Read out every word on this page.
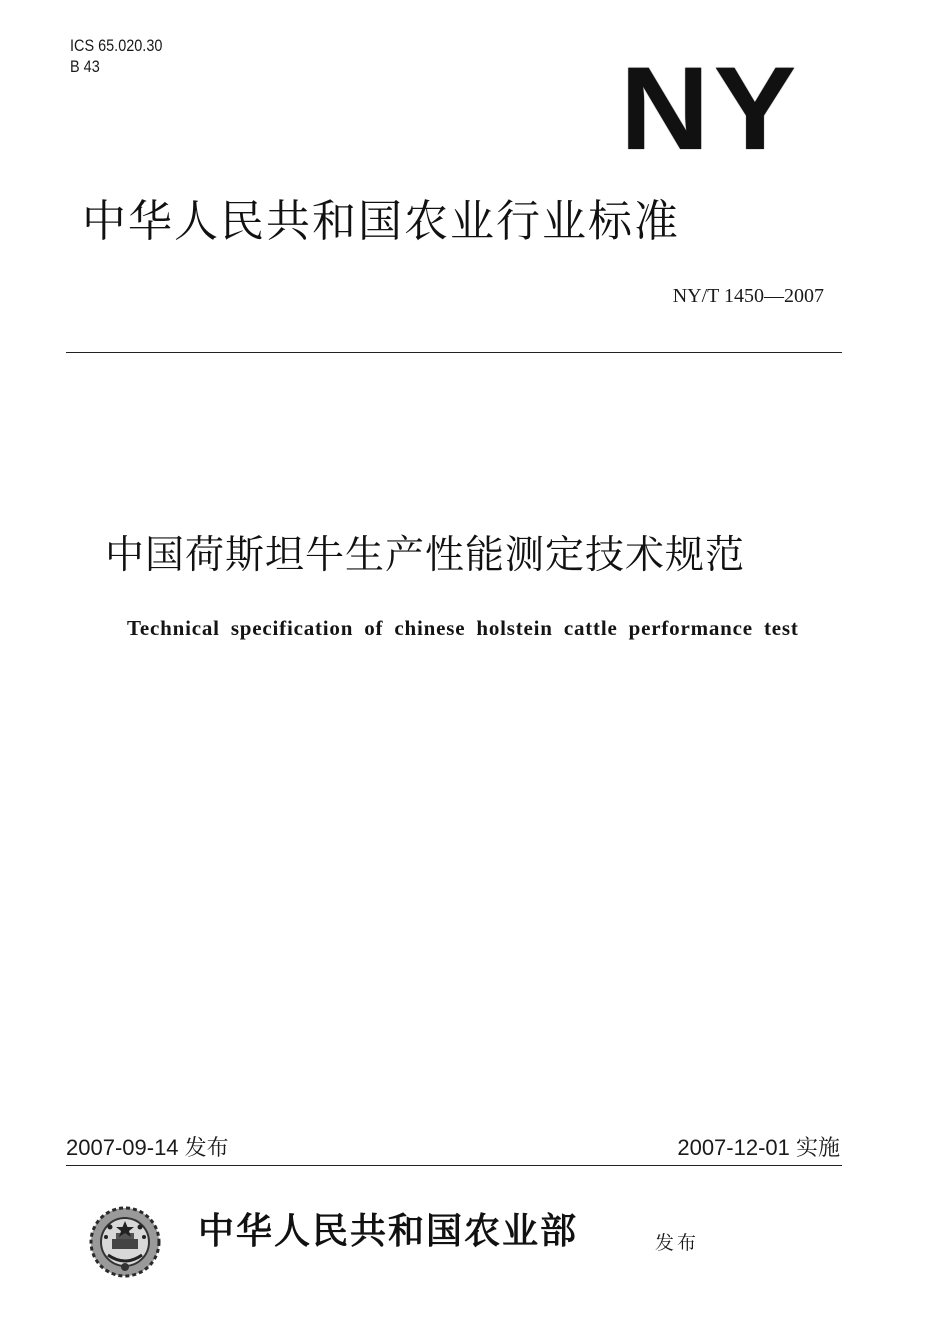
ICS 65.020.30
B 43	NY
中华人民共和国农业行业标准
NY/T 1450—2007
中国荷斯坦牛生产性能测定技术规范
Technical specification of chinese holstein cattle performance test
2007-09-14 发布	2007-12-01 实施
中华人民共和国农业部	发布
